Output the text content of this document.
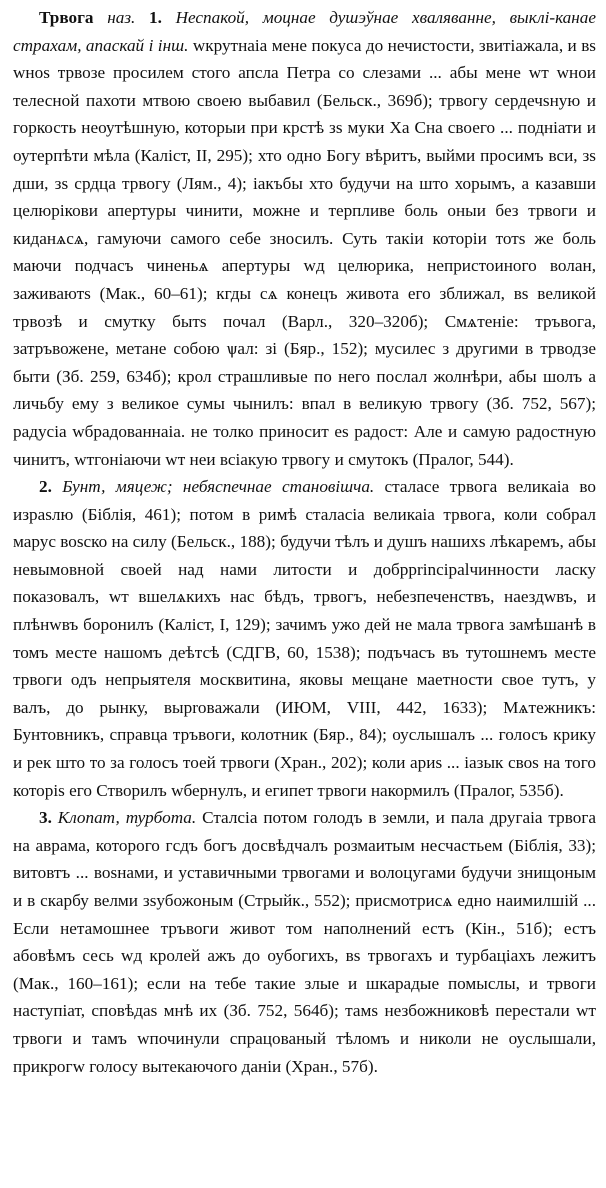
Трвога наз. 1. Неспакой, моцнае душэўнае хваляванне, выклі-канае страхам, апаскай і інш. wкрутнаia мене покуса до нечистости, звитiажала, и вs wноs трвозе просилем стого апсла Петра со слезами ... абы мене wт wнои телесной пахоти мтвою своею выбавил (Бельск., 369б); трвогу сердечsную и горкость неоутѣшную, которыи при крстѣ зs муки Ха Сна своего ... поднiати и оутерпѣти мѣла (Каліст, II, 295); хто одно Богу вѣритъ, выйми просимъ вси, зs дши, зs срдца трвогу (Лям., 4); iакъбы хто будучи на што хорымъ, а казавши целюрікови апертуры чинити, можне и терпливе боль оныи без трвоги и киданѧсѧ, гамуючи самого себе зносилъ. Суть такіи которіи тотs же боль маючи подчасъ чиненьѧ апертуры wд целюрика, непристоиного волан, заживаютs (Мак., 60–61); кгды сѧ конецъ живота его зближал, вs великой трвозѣ и смутку бытs почал (Варл., 320–320б); Смѧтеніе: тръвога, затръвожене, метане собою ѱал: зі (Бяр., 152); мусилес з другими в трводзе быти (Зб. 259, 634б); крол страшливые по него послал жолнѣри, абы шолъ а личьбу ему з великое сумы чынилъ: впал в великую трвогу (Зб. 752, 567); радусiа wбрадованнаiа. не толко приносит еs радост: Але и самую радостную чинитъ, wтгонiаючи wт неи всiакую трвогу и смутокъ (Пралог, 544).

2. Бунт, мяцеж; небяспечнае становішча. сталасе трвога великаiа во израsлю (Біблія, 461); потом в римѣ сталасiа великаiа трвога, коли собрал марус воsско на силу (Бельск., 188); будучи тѣлъ и душъ нашихs лѣкаремъ, абы невымовной своей над нами литости и добрprincipalчинности ласку показовалъ, wт вшелѧкихъ нас бѣдъ, трвогъ, небезпеченствъ, наездwвъ, и плѣнwвъ боронилъ (Каліст, I, 129); зачимъ ужо дей не мала трвога замѣшанѣ в томъ месте нашомъ деѣтсѣ (СДГВ, 60, 1538); подъчасъ въ тутошнемъ месте трвоги одъ непрыятеля москвитина, яковы мещане маетности свое тутъ, у валъ, до рынку, выproвaжали (ИЮМ, VIII, 442, 1633); Мѧтежникъ: Бунтовникъ, справца тръвоги, колотник (Бяр., 84); оуслышалъ ... голосъ крику и рек што то за голосъ тоей трвоги (Хран., 202); коли ариs ... iазык своs на того которіs его Створилъ wбернулъ, и египет трвоги накормилъ (Пралог, 535б).

3. Клопат, турбота. Сталсiа потом голодъ в земли, и пала другаiа трвога на аврама, которого гсдъ богъ досвѣдчалъ розмаитым несчастьем (Біблія, 33); витовтъ ... воsнами, и уставичными трвогами и волоцугами будучи знищоным и в скарбу велми зsубожоным (Стрыйк., 552); присмотрисѧ едно наимилшій ... Если нетамошнее тръвоги живот том наполнений естъ (Кін., 51б); естъ абовѣмъ сесь wд кролей ажъ до оубогихъ, вs трвогахъ и турбаціахъ лежитъ (Мак., 160–161); если на тебе такие злые и шкарадые помыслы, и трвоги наступiат, сповѣдаs мнѣ их (Зб. 752, 564б); тамs незбожниковѣ перестали wт трвоги и тамъ wпочинули спрацованый тѣломъ и николи не оуслышали, прикрогw голосу вытекаючого даніи (Хран., 57б).
